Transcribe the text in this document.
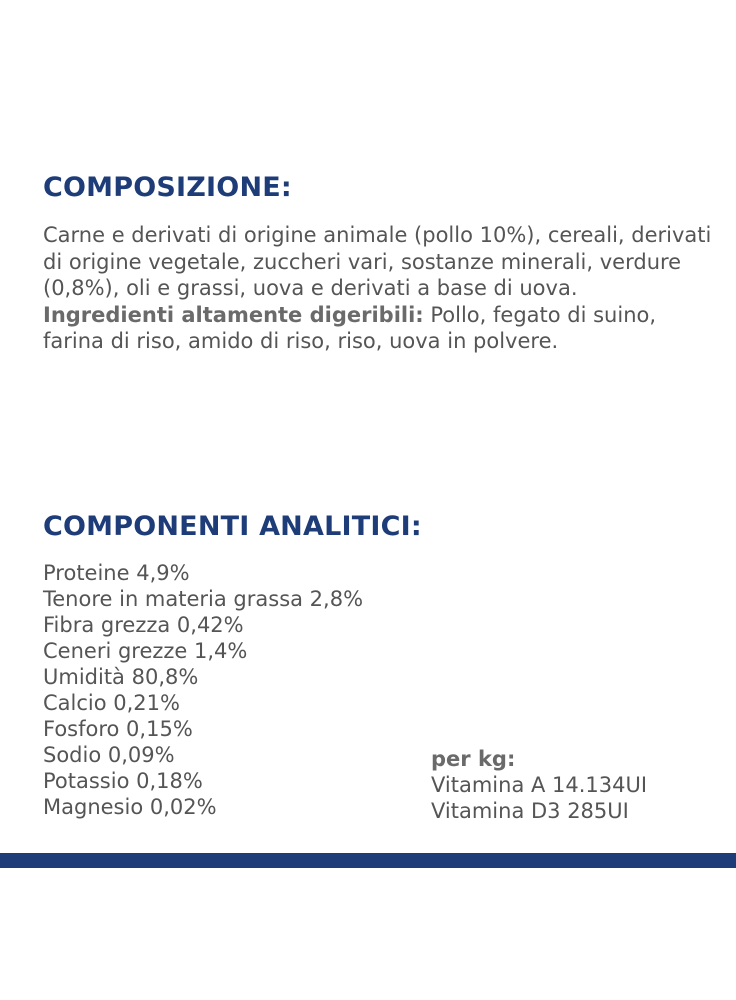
COMPOSIZIONE:

Carne e derivati di origine animale (pollo 10%), cereali, derivati di origine vegetale, zuccheri vari, sostanze minerali, verdure (0,8%), oli e grassi, uova e derivati a base di uova.
Ingredienti altamente digeribili: Pollo, fegato di suino, farina di riso, amido di riso, riso, uova in polvere.

COMPONENTI ANALITICI:
Proteine 4,9%
Tenore in materia grassa 2,8%
Fibra grezza 0,42%
Ceneri grezze 1,4%
Umidità 80,8%
Calcio 0,21%
Fosforo 0,15%
Sodio 0,09%
Potassio 0,18%
Magnesio 0,02%
per kg:
Vitamina A 14.134UI
Vitamina D3 285UI
